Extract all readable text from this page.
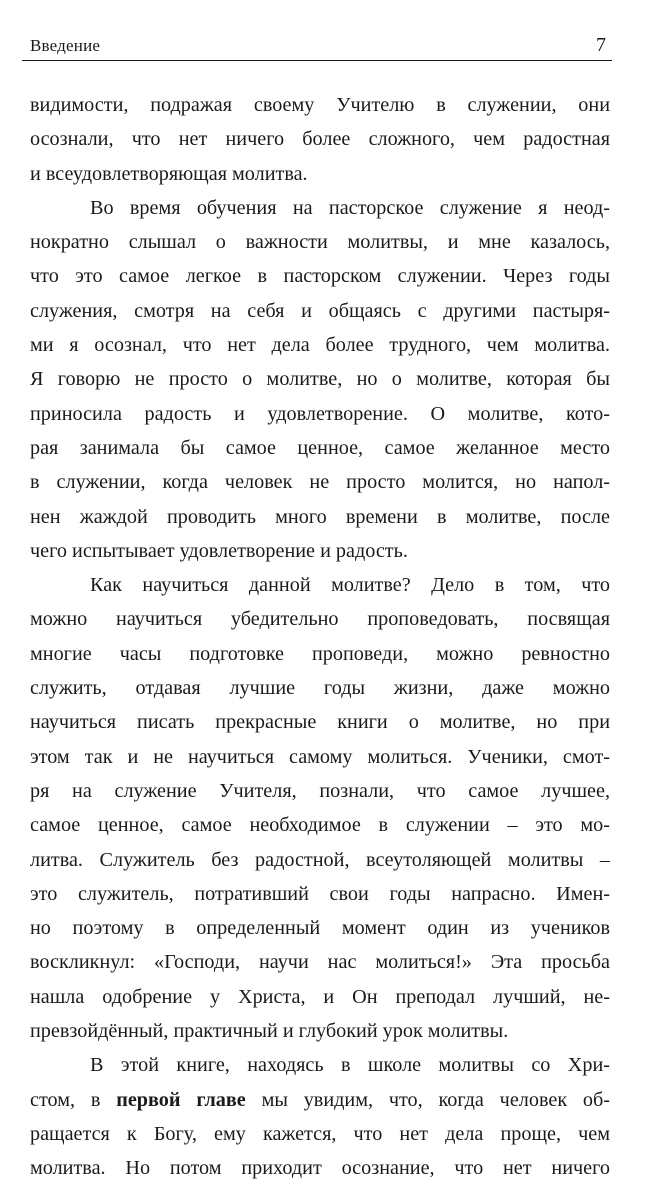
Введение	7
видимости, подражая своему Учителю в служении, они
осознали, что нет ничего более сложного, чем радостная
и всеудовлетворяющая молитва.
Во время обучения на пасторское служение я неод-
нократно слышал о важности молитвы, и мне казалось,
что это самое легкое в пасторском служении. Через годы
служения, смотря на себя и общаясь с другими пастыря-
ми я осознал, что нет дела более трудного, чем молитва.
Я говорю не просто о молитве, но о молитве, которая бы
приносила радость и удовлетворение. О молитве, кото-
рая занимала бы самое ценное, самое желанное место
в служении, когда человек не просто молится, но напол-
нен жаждой проводить много времени в молитве, после
чего испытывает удовлетворение и радость.
Как научиться данной молитве? Дело в том, что
можно научиться убедительно проповедовать, посвящая
многие часы подготовке проповеди, можно ревностно
служить, отдавая лучшие годы жизни, даже можно
научиться писать прекрасные книги о молитве, но при
этом так и не научиться самому молиться. Ученики, смот-
ря на служение Учителя, познали, что самое лучшее,
самое ценное, самое необходимое в служении – это мо-
литва. Служитель без радостной, всеутоляющей молитвы –
это служитель, потративший свои годы напрасно. Имен-
но поэтому в определенный момент один из учеников
воскликнул: «Господи, научи нас молиться!» Эта просьба
нашла одобрение у Христа, и Он преподал лучший, не-
превзойдённый, практичный и глубокий урок молитвы.
В этой книге, находясь в школе молитвы со Хри-
стом, в первой главе мы увидим, что, когда человек об-
ращается к Богу, ему кажется, что нет дела проще, чем
молитва. Но потом приходит осознание, что нет ничего
